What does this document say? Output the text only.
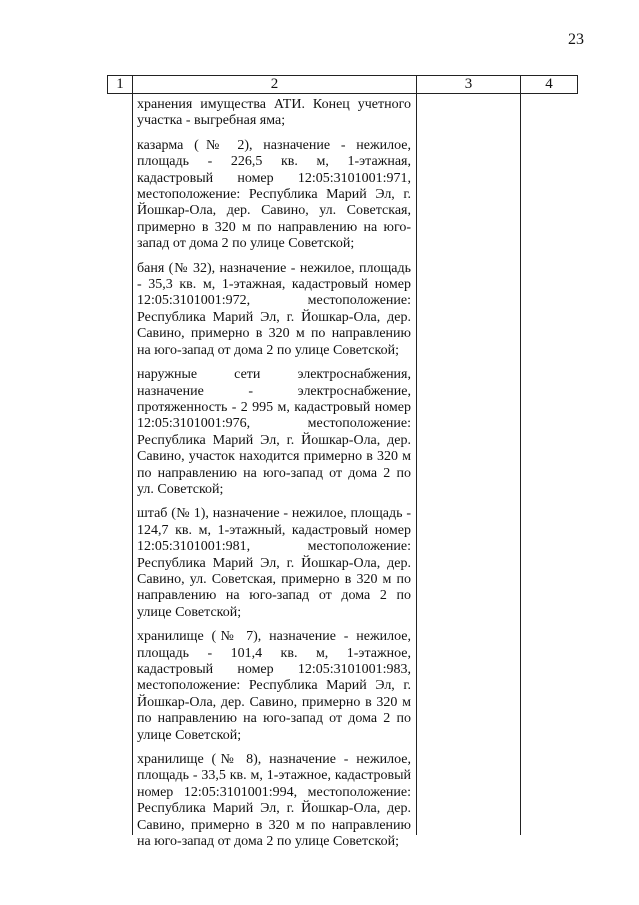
23
1	2	3	4

хранения имущества АТИ. Конец учетного участка - выгребная яма;

казарма (№ 2), назначение - нежилое, площадь - 226,5 кв. м, 1-этажная, кадастровый номер 12:05:3101001:971, местоположение: Республика Марий Эл, г. Йошкар-Ола, дер. Савино, ул. Советская, примерно в 320 м по направлению на юго-запад от дома 2 по улице Советской;

баня (№ 32), назначение - нежилое, площадь - 35,3 кв. м, 1-этажная, кадастровый номер 12:05:3101001:972, местоположение: Республика Марий Эл, г. Йошкар-Ола, дер. Савино, примерно в 320 м по направлению на юго-запад от дома 2 по улице Советской;

наружные сети электроснабжения, назначение - электроснабжение, протяженность - 2 995 м, кадастровый номер 12:05:3101001:976, местоположение: Республика Марий Эл, г. Йошкар-Ола, дер. Савино, участок находится примерно в 320 м по направлению на юго-запад от дома 2 по ул. Советской;

штаб (№ 1), назначение - нежилое, площадь - 124,7 кв. м, 1-этажный, кадастровый номер 12:05:3101001:981, местоположение: Республика Марий Эл, г. Йошкар-Ола, дер. Савино, ул. Советская, примерно в 320 м по направлению на юго-запад от дома 2 по улице Советской;

хранилище (№ 7), назначение - нежилое, площадь - 101,4 кв. м, 1-этажное, кадастровый номер 12:05:3101001:983, местоположение: Республика Марий Эл, г. Йошкар-Ола, дер. Савино, примерно в 320 м по направлению на юго-запад от дома 2 по улице Советской;

хранилище (№ 8), назначение - нежилое, площадь - 33,5 кв. м, 1-этажное, кадастровый номер 12:05:3101001:994, местоположение: Республика Марий Эл, г. Йошкар-Ола, дер. Савино, примерно в 320 м по направлению на юго-запад от дома 2 по улице Советской;
